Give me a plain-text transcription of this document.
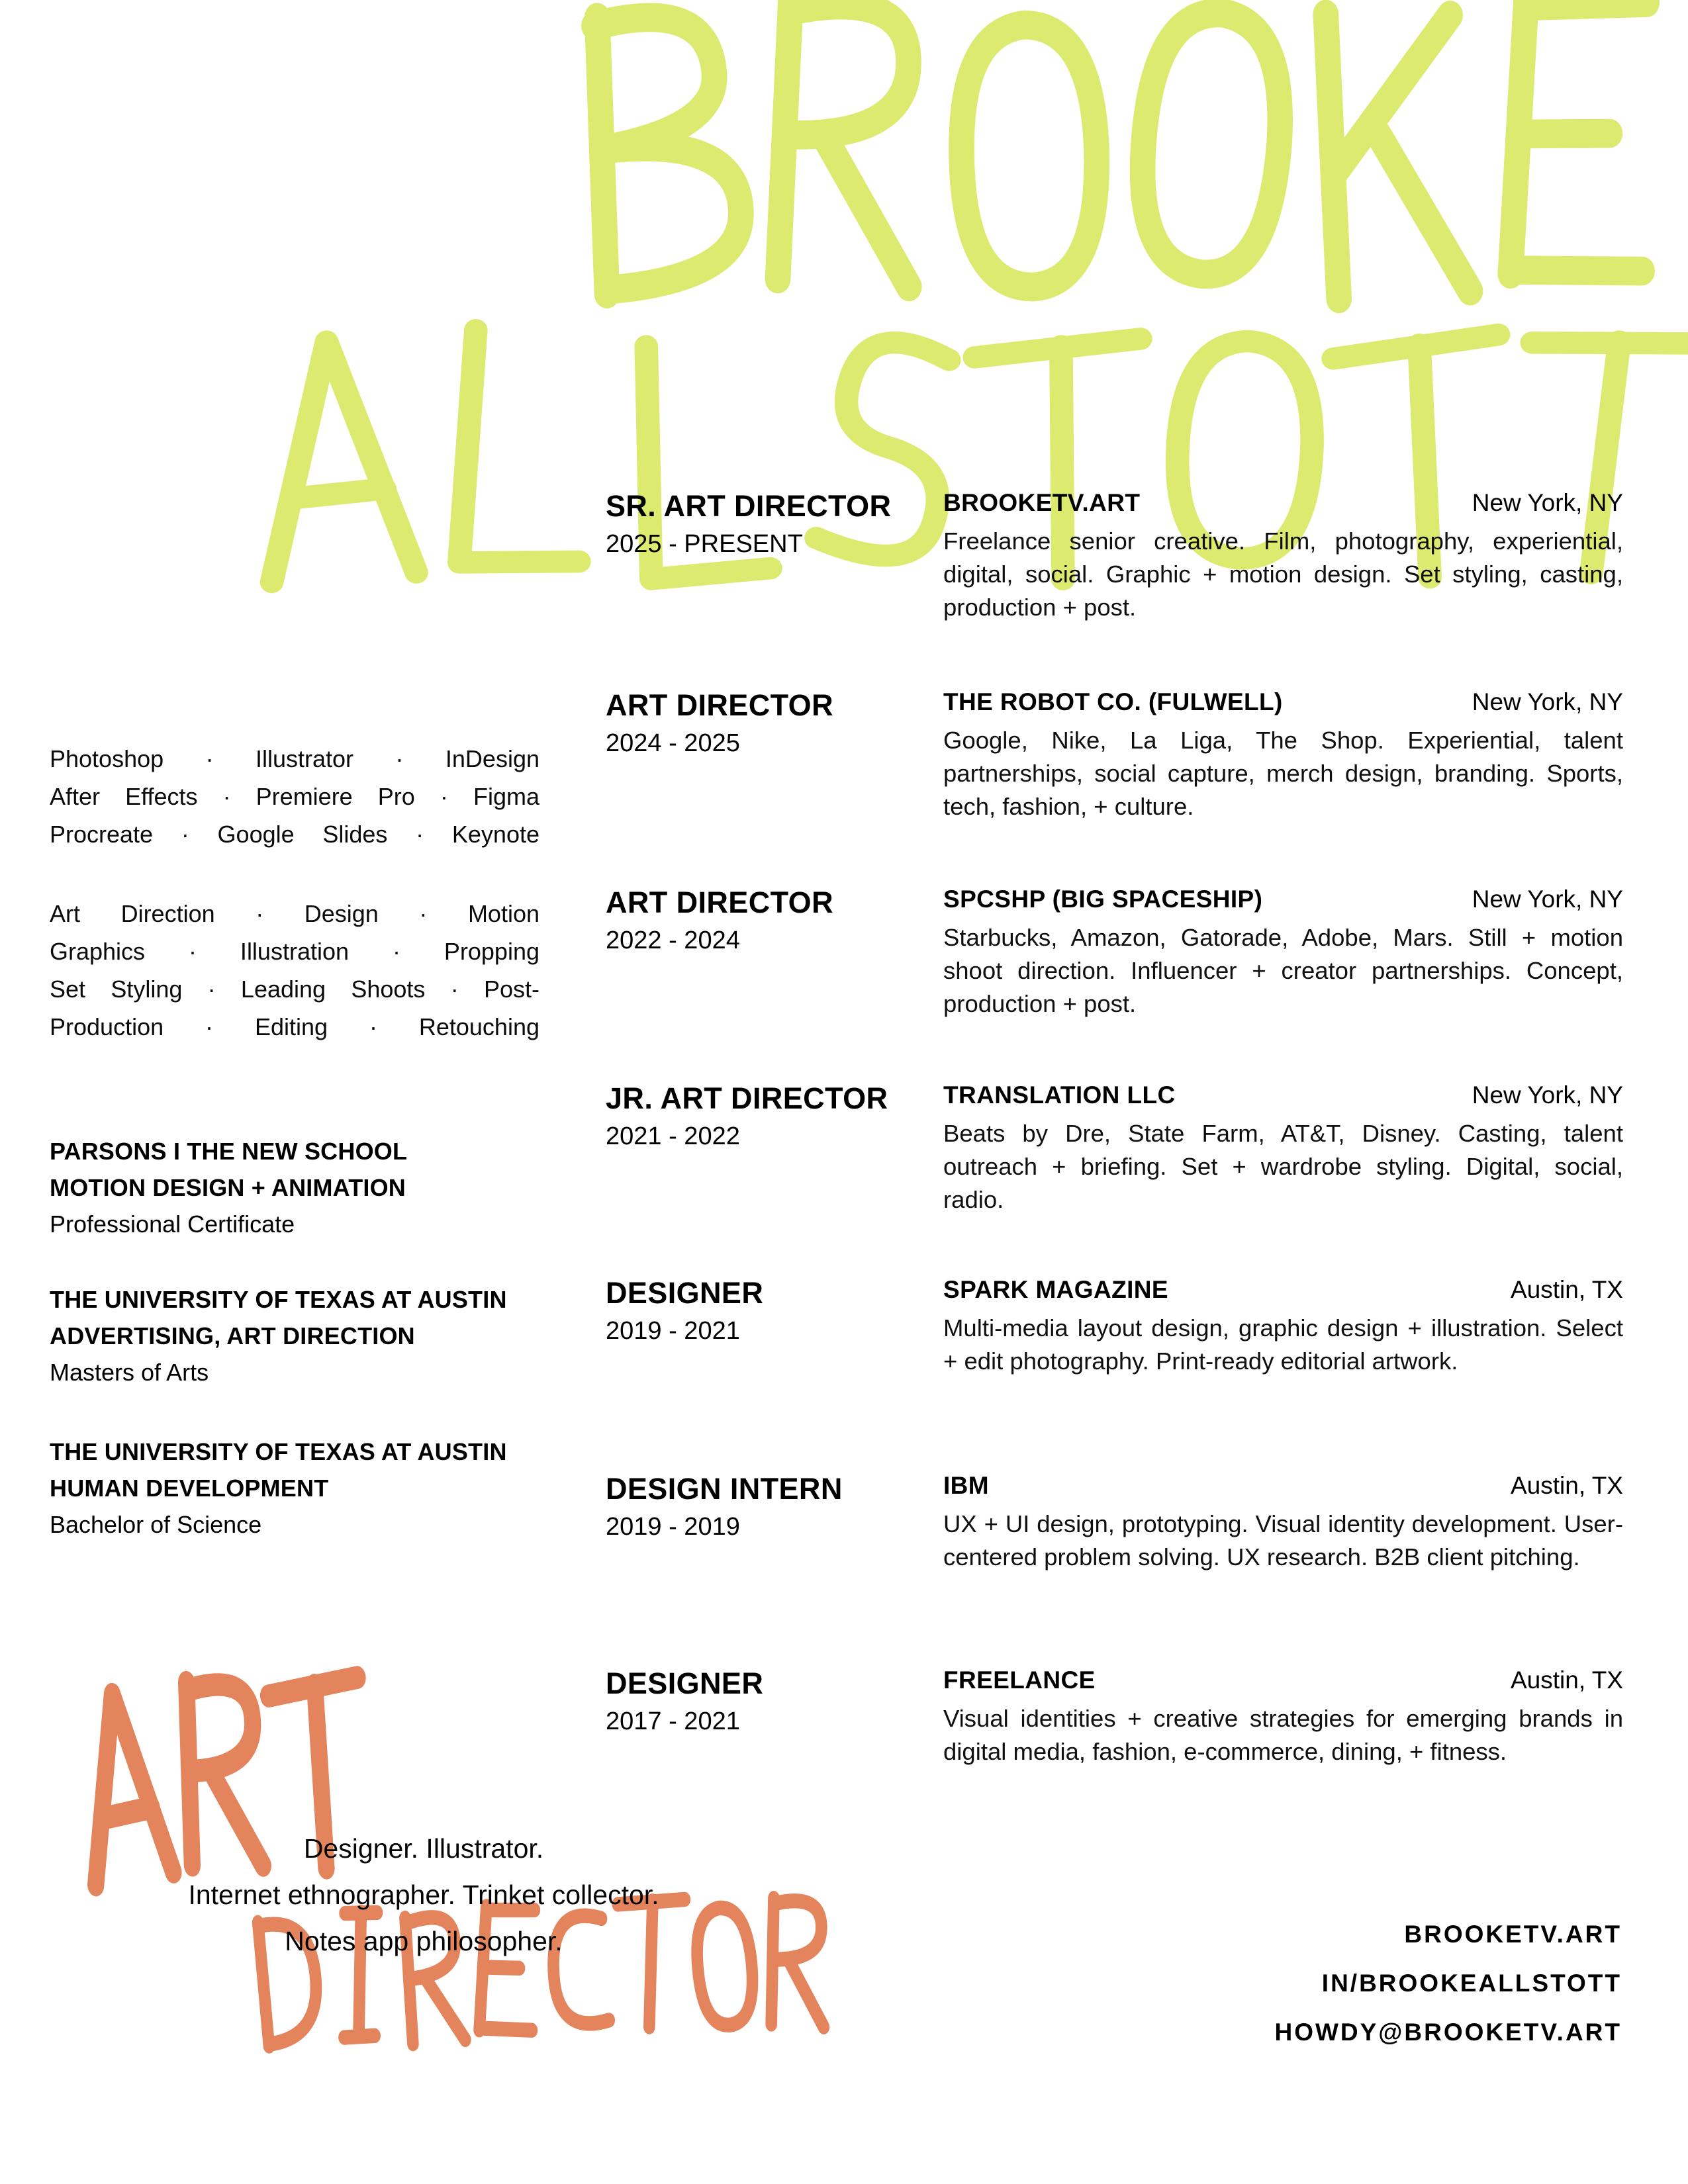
Photoshop · Illustrator · InDesign
After Effects · Premiere Pro · Figma
Procreate · Google Slides · Keynote
Art Direction · Design · Motion
Graphics · Illustration · Propping
Set Styling · Leading Shoots · Post-
Production · Editing · Retouching
PARSONS I THE NEW SCHOOL
MOTION DESIGN + ANIMATION
Professional Certificate
THE UNIVERSITY OF TEXAS AT AUSTIN
ADVERTISING, ART DIRECTION
Masters of Arts
THE UNIVERSITY OF TEXAS AT AUSTIN
HUMAN DEVELOPMENT
Bachelor of Science
SR. ART DIRECTOR
2025 - PRESENT
BROOKETV.ART	New York, NY
Freelance senior creative. Film, photography, experiential, digital, social. Graphic + motion design. Set styling, casting, production + post.
ART DIRECTOR
2024 - 2025
THE ROBOT CO. (FULWELL)	New York, NY
Google, Nike, La Liga, The Shop. Experiential, talent partnerships, social capture, merch design, branding. Sports, tech, fashion, + culture.
ART DIRECTOR
2022 - 2024
SPCSHP (BIG SPACESHIP)	New York, NY
Starbucks, Amazon, Gatorade, Adobe, Mars. Still + motion shoot direction. Influencer + creator partnerships. Concept, production + post.
JR. ART DIRECTOR
2021 - 2022
TRANSLATION LLC	New York, NY
Beats by Dre, State Farm, AT&T, Disney. Casting, talent outreach + briefing. Set + wardrobe styling. Digital, social, radio.
DESIGNER
2019 - 2021
SPARK MAGAZINE	Austin, TX
Multi-media layout design, graphic design + illustration. Select + edit photography. Print-ready editorial artwork.
DESIGN INTERN
2019 - 2019
IBM	Austin, TX
UX + UI design, prototyping. Visual identity development. User-centered problem solving. UX research. B2B client pitching.
DESIGNER
2017 - 2021
FREELANCE	Austin, TX
Visual identities + creative strategies for emerging brands in digital media, fashion, e-commerce, dining, + fitness.
Designer. Illustrator.
Internet ethnographer. Trinket collector.
Notes app philosopher.	BROOKETV.ART
IN/BROOKEALLSTOTT
HOWDY@BROOKETV.ART
